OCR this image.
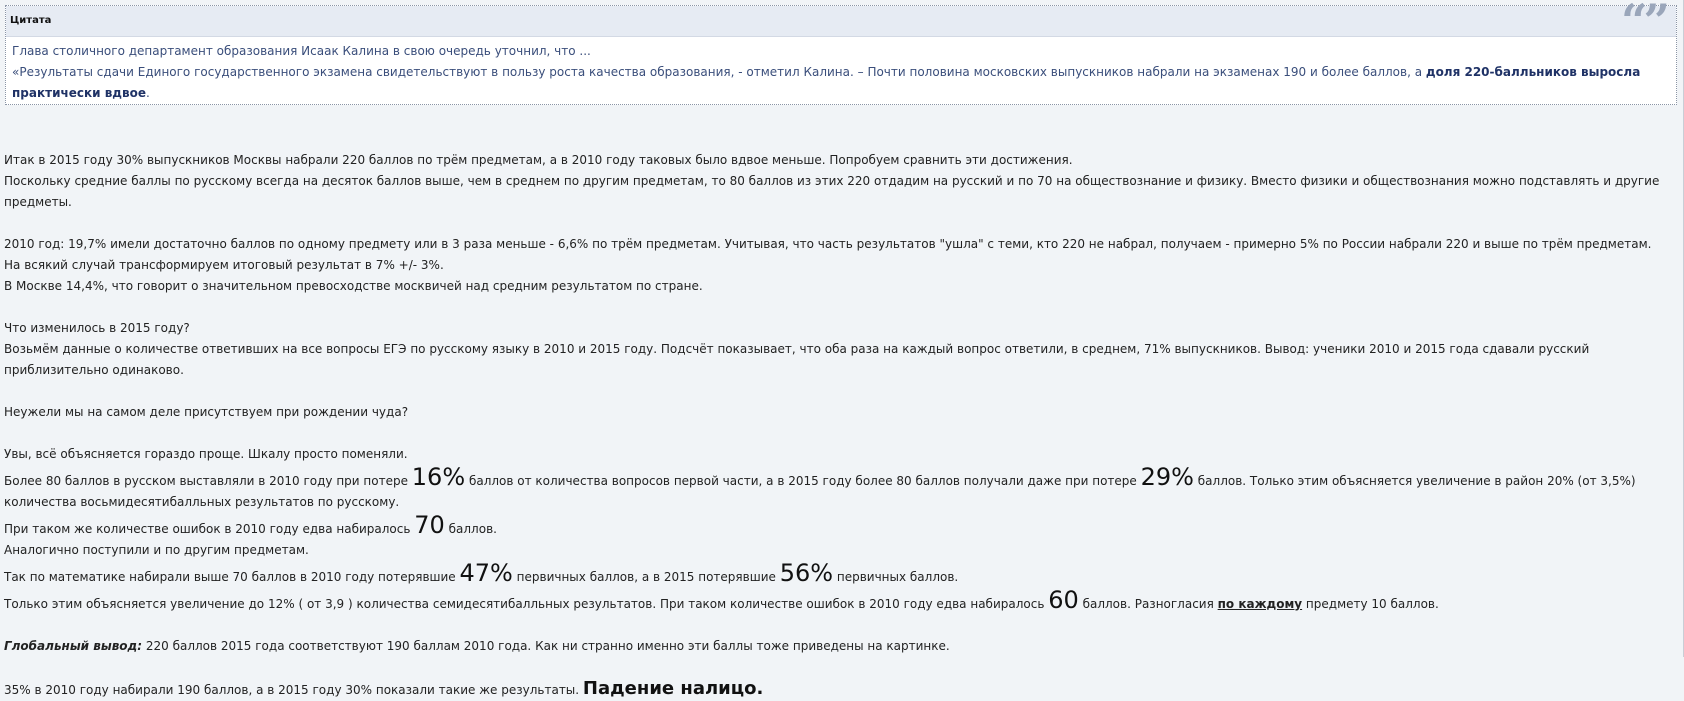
Цитата	“”

Глава столичного департамент образования Исаак Калина в свою очередь уточнил, что ...

«Результаты сдачи Единого государственного экзамена свидетельствуют в пользу роста качества образования, - отметил Калина. – Почти половина московских выпускников набрали на экзаменах 190 и более баллов, а доля 220-балльников выросла практически вдвое.

Итак в 2015 году 30% выпускников Москвы набрали 220 баллов по трём предметам, а в 2010 году таковых было вдвое меньше. Попробуем сравнить эти достижения.

Поскольку средние баллы по русскому всегда на десяток баллов выше, чем в среднем по другим предметам, то 80 баллов из этих 220 отдадим на русский и по 70 на обществознание и физику. Вместо физики и обществознания можно подставлять и другие предметы.

2010 год: 19,7% имели достаточно баллов по одному предмету или в 3 раза меньше - 6,6% по трём предметам. Учитывая, что часть результатов "ушла" с теми, кто 220 не набрал, получаем - примерно 5% по России набрали 220 и выше по трём предметам.

На всякий случай трансформируем итоговый результат в 7% +/- 3%.

В Москве 14,4%, что говорит о значительном превосходстве москвичей над средним результатом по стране.

Что изменилось в 2015 году?

Возьмём данные о количестве ответивших на все вопросы ЕГЭ по русскому языку в 2010 и 2015 году. Подсчёт показывает, что оба раза на каждый вопрос ответили, в среднем, 71% выпускников. Вывод: ученики 2010 и 2015 года сдавали русский приблизительно одинаково.

Неужели мы на самом деле присутствуем при рождении чуда?

Увы, всё объясняется гораздо проще. Шкалу просто поменяли.

Более 80 баллов в русском выставляли в 2010 году при потере 16% баллов от количества вопросов первой части, а в 2015 году более 80 баллов получали даже при потере 29% баллов. Только этим объясняется увеличение в район 20% (от 3,5%) количества восьмидесятибалльных результатов по русскому.

При таком же количестве ошибок в 2010 году едва набиралось 70 баллов.

Аналогично поступили и по другим предметам.

Так по математике набирали выше 70 баллов в 2010 году потерявшие 47% первичных баллов, а в 2015 потерявшие 56% первичных баллов.

Только этим объясняется увеличение до 12% ( от 3,9 ) количества семидесятибалльных результатов. При таком количестве ошибок в 2010 году едва набиралось 60 баллов. Разногласия по каждому предмету 10 баллов.

Глобальный вывод: 220 баллов 2015 года соответствуют 190 баллам 2010 года. Как ни странно именно эти баллы тоже приведены на картинке.

35% в 2010 году набирали 190 баллов, а в 2015 году 30% показали такие же результаты. Падение налицо.
